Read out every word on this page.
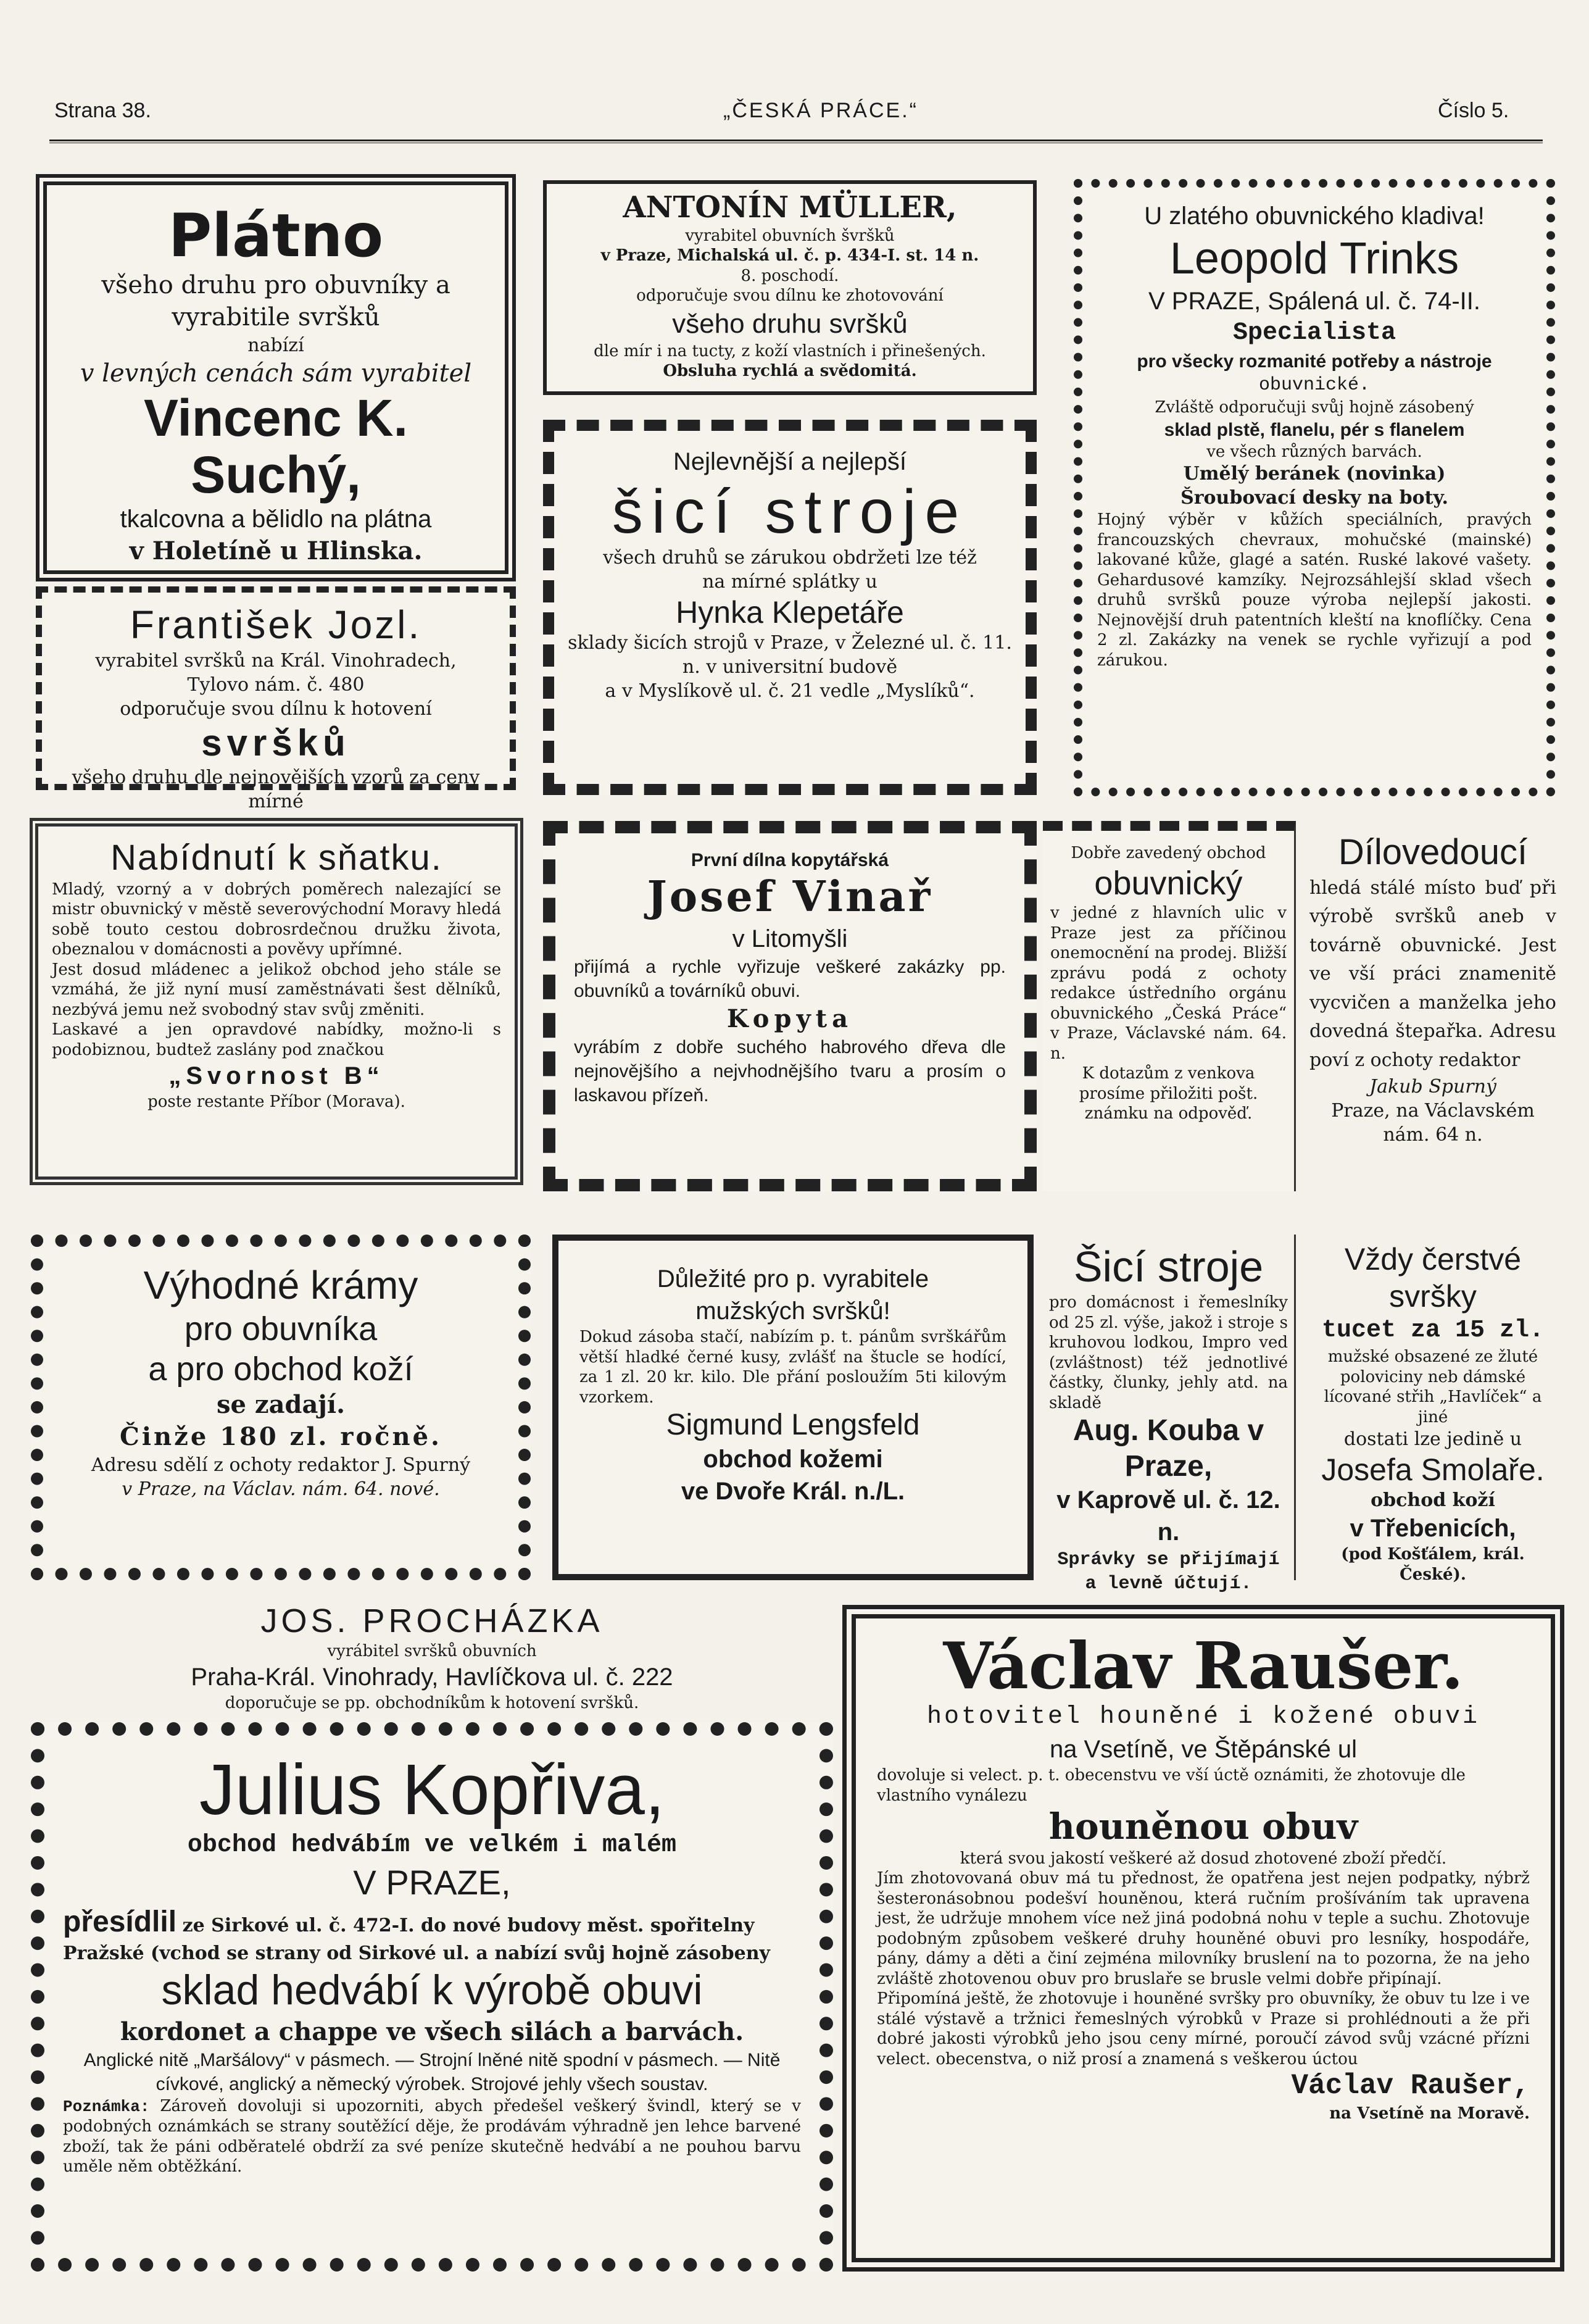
Strana 38.	„ČESKÁ PRÁCE.“	Číslo 5.

Plátno

všeho druhu pro obuvníky a

vyrabitile svršků

nabízí

v levných cenách sám vyrabitel

Vincenc K. Suchý,

tkalcovna a bělidlo na plátna

v Holetíně u Hlinska.

František Jozl.

vyrabitel svršků na Král. Vinohradech,

Tylovo nám. č. 480

odporučuje svou dílnu k hotovení

svršků

všeho druhu dle nejnovějších vzorů za ceny mírné

ANTONÍN MÜLLER,

vyrabitel obuvních švršků

v Praze, Michalská ul. č. p. 434-I. st. 14 n.

8. poschodí.

odporučuje svou dílnu ke zhotovování

všeho druhu svršků

dle mír i na tucty, z koží vlastních i přinešených.

Obsluha rychlá a svědomitá.

Nejlevnější a nejlepší

šicí stroje

všech druhů se zárukou obdržeti lze též

na mírné splátky u

Hynka Klepetáře

sklady šicích strojů v Praze, v Železné ul. č. 11. n. v universitní budově

a v Myslíkově ul. č. 21 vedle „Myslíků“.

U zlatého obuvnického kladiva!

Leopold Trinks

V PRAZE, Spálená ul. č. 74-II.

Specialista

pro všecky rozmanité potřeby a nástroje

obuvnické.

Zvláště odporučuji svůj hojně zásobený

sklad plstě, flanelu, pér s flanelem

ve všech různých barvách.

Umělý beránek (novinka)

Šroubovací desky na boty.

Hojný výběr v kůžích speciálních, pravých francouzských chevraux, mohučské (mainské) lakované kůže, glagé a satén. Ruské lakové vašety. Gehardusové kamzíky. Nejrozsáhlejší sklad všech druhů svršků pouze výroba nejlepší jakosti. Nejnovější druh patentních kleští na knoflíčky. Cena 2 zl. Zakázky na venek se rychle vyřizují a pod zárukou.

Nabídnutí k sňatku.

Mladý, vzorný a v dobrých poměrech nalezající se mistr obuvnický v městě severovýchodní Moravy hledá sobě touto cestou dobrosrdečnou družku života, obeznalou v domácnosti a pověvy upřímné.

Jest dosud mládenec a jelikož obchod jeho stále se vzmáhá, že již nyní musí zaměstnávati šest dělníků, nezbývá jemu než svobodný stav svůj změniti.

Laskavé a jen opravdové nabídky, možno-li s podobiznou, budtež zaslány pod značkou

„Svornost B“

poste restante Příbor (Morava).

První dílna kopytářská

Josef Vinař

v Litomyšli

přijímá a rychle vyřizuje veškeré zakázky pp. obuvníků a továrníků obuvi.

Kopyta

vyrábím z dobře suchého habrového dřeva dle nejnovějšího a nejvhodnějšího tvaru a prosím o laskavou přízeň.

Dobře zavedený obchod

obuvnický

v jedné z hlavních ulic v Praze jest za příčinou onemocnění na prodej. Bližší zprávu podá z ochoty redakce ústředního orgánu obuvnického „Česká Práce“ v Praze, Václavské nám. 64. n.

K dotazům z venkova prosíme přiložiti pošt. známku na odpověď.

Dílovedoucí

hledá stálé místo buď při výrobě svršků aneb v továrně obuvnické. Jest ve vší práci znamenitě vycvičen a manželka jeho dovedná štepařka. Adresu poví z ochoty redaktor

Jakub Spurný

Praze, na Václavském nám. 64 n.

Výhodné krámy

pro obuvníka

a pro obchod koží

se zadají.

Činže 180 zl. ročně.

Adresu sdělí z ochoty redaktor J. Spurný

v Praze, na Václav. nám. 64. nové.

Důležité pro p. vyrabitele

mužských svršků!

Dokud zásoba stačí, nabízím p. t. pánům svrškářům větší hladké černé kusy, zvlášť na štucle se hodící, za 1 zl. 20 kr. kilo. Dle přání posloužím 5ti kilovým vzorkem.

Sigmund Lengsfeld

obchod kožemi

ve Dvoře Král. n./L.

Šicí stroje

pro domácnost i řemeslníky od 25 zl. výše, jakož i stroje s kruhovou lodkou, Impro ved (zvláštnost) též jednotlivé částky, člunky, jehly atd. na skladě

Aug. Kouba v Praze,

v Kaprově ul. č. 12. n.

Správky se přijímají a levně účtují.

Vždy čerstvé svršky

tucet za 15 zl.

mužské obsazené ze žluté poloviciny neb dámské lícované střih „Havlíček“ a jiné

dostati lze jedině u

Josefa Smolaře.

obchod koží

v Třebenicích,

(pod Košťálem, král. České).

JOS. PROCHÁZKA

vyrábitel svršků obuvních

Praha-Král. Vinohrady, Havlíčkova ul. č. 222

doporučuje se pp. obchodníkům k hotovení svršků.

Julius Kopřiva,

obchod hedvábím ve velkém i malém

V PRAZE,

přesídlil ze Sirkové ul. č. 472-I. do nové budovy měst. spořitelny Pražské (vchod se strany od Sirkové ul. a nabízí svůj hojně zásobeny

sklad hedvábí k výrobě obuvi

kordonet a chappe ve všech silách a barvách.

Anglické nitě „Maršálovy“ v pásmech. — Strojní lněné nitě spodní v pásmech. — Nitě cívkové, anglický a německý výrobek. Strojové jehly všech soustav.

Poznámka: Zároveň dovoluji si upozorniti, abych předešel veškerý švindl, který se v podobných oznámkách se strany soutěžící děje, že prodávám výhradně jen lehce barvené zboží, tak že páni odběratelé obdrží za své peníze skutečně hedvábí a ne pouhou barvu uměle něm obtěžkání.

Václav Raušer.

hotovitel houněné i kožené obuvi

na Vsetíně, ve Štěpánské ul

dovoluje si velect. p. t. obecenstvu ve vší úctě oznámiti, že zhotovuje dle vlastního vynálezu

houněnou obuv

která svou jakostí veškeré až dosud zhotovené zboží předčí.

Jím zhotovovaná obuv má tu přednost, že opatřena jest nejen podpatky, nýbrž šesteronásobnou podešví houněnou, která ručním prošíváním tak upravena jest, že udržuje mnohem více než jiná podobná nohu v teple a suchu. Zhotovuje podobným způsobem veškeré druhy houněné obuvi pro lesníky, hospodáře, pány, dámy a děti a činí zejména milovníky bruslení na to pozorna, že na jeho zvláště zhotovenou obuv pro bruslaře se brusle velmi dobře připínají.

Připomíná ještě, že zhotovuje i houněné svršky pro obuvníky, že obuv tu lze i ve stálé výstavě a tržnici řemeslných výrobků v Praze si prohlédnouti a že při dobré jakosti výrobků jeho jsou ceny mírné, poroučí závod svůj vzácné přízni velect. obecenstva, o niž prosí a znamená s veškerou úctou

Václav Raušer,

na Vsetíně na Moravě.
